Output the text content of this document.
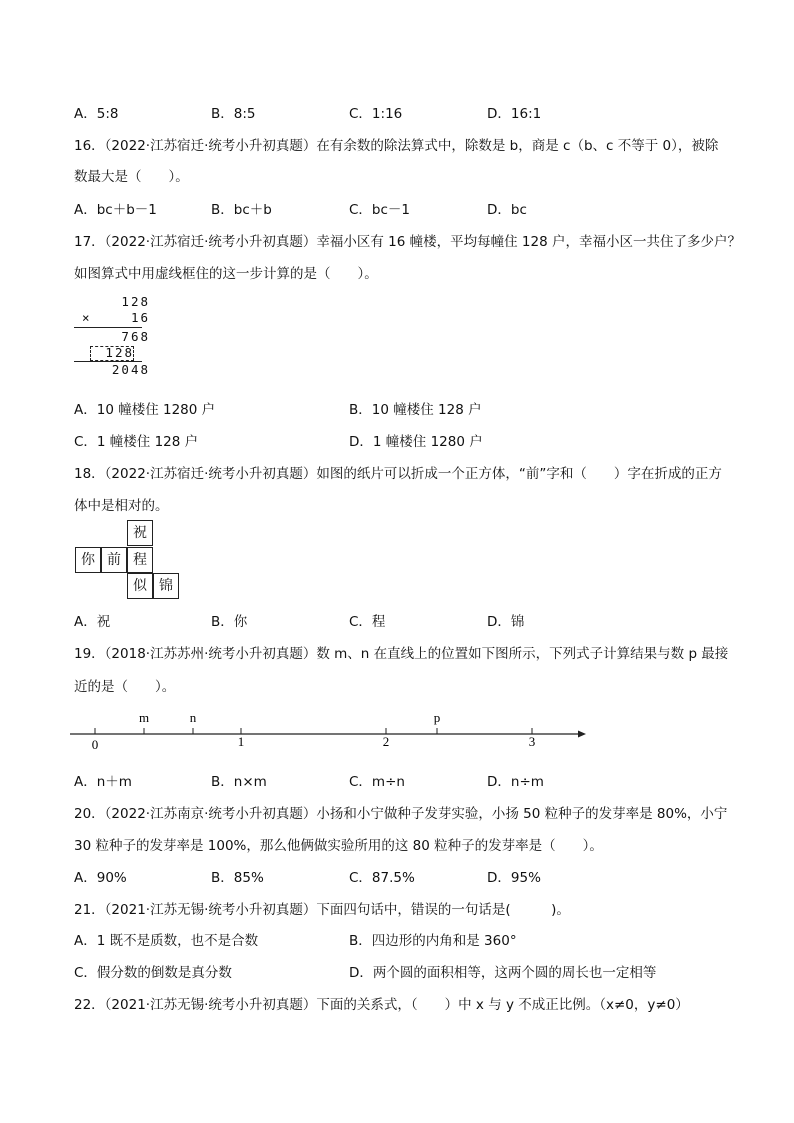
A．5:8	B．8:5	C．1:16	D．16:1
16．（2022·江苏宿迁·统考小升初真题）在有余数的除法算式中，除数是 b，商是 c（b、c 不等于 0），被除
数最大是（　　）。
A．bc＋b－1	B．bc＋b	C．bc－1	D．bc
17．（2022·江苏宿迁·统考小升初真题）幸福小区有 16 幢楼，平均每幢住 128 户，幸福小区一共住了多少户？
如图算式中用虚线框住的这一步计算的是（　　）。
128
×	16
768
128
2048
A．10 幢楼住 1280 户	B．10 幢楼住 128 户
C．1 幢楼住 128 户	D．1 幢楼住 1280 户
18．（2022·江苏宿迁·统考小升初真题）如图的纸片可以折成一个正方体，“前”字和（　　）字在折成的正方
体中是相对的。
祝
你 前 程
似 锦
A．祝	B．你	C．程	D．锦
19．（2018·江苏苏州·统考小升初真题）数 m、n 在直线上的位置如下图所示，下列式子计算结果与数 p 最接
近的是（　　）。
m	n	p
0	1	2	3
A．n＋m	B．n×m	C．m÷n	D．n÷m
20．（2022·江苏南京·统考小升初真题）小扬和小宁做种子发芽实验，小扬 50 粒种子的发芽率是 80%，小宁
30 粒种子的发芽率是 100%，那么他俩做实验所用的这 80 粒种子的发芽率是（　　）。
A．90%	B．85%	C．87.5%	D．95%
21．（2021·江苏无锡·统考小升初真题）下面四句话中，错误的一句话是(　　　)。
A．1 既不是质数，也不是合数	B．四边形的内角和是 360°
C．假分数的倒数是真分数	D．两个圆的面积相等，这两个圆的周长也一定相等
22．（2021·江苏无锡·统考小升初真题）下面的关系式，（　　）中 x 与 y 不成正比例。（x≠0，y≠0）
